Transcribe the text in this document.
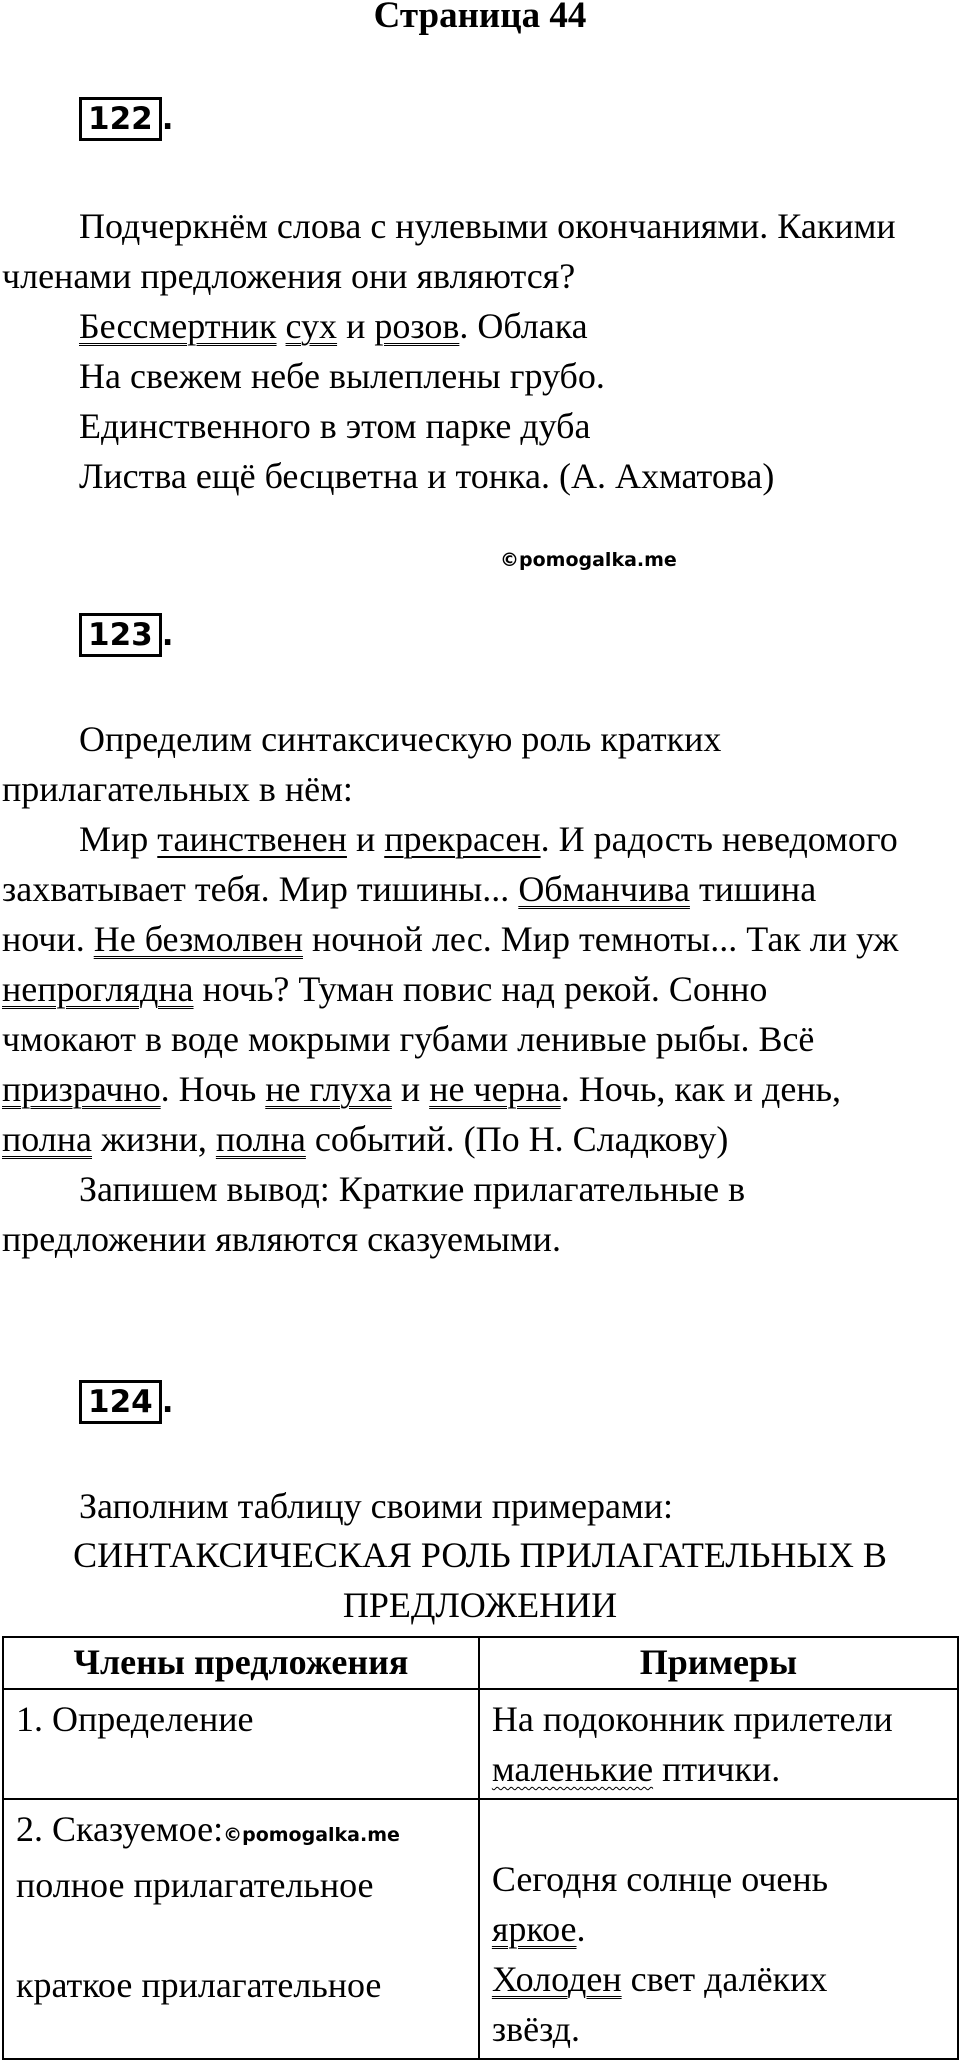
Страница 44
122 .
Подчеркнём слова с нулевыми окончаниями. Какими
членами предложения они являются?
Бессмертник сух и розов. Облака
На свежем небе вылеплены грубо.
Единственного в этом парке дуба
Листва ещё бесцветна и тонка. (А. Ахматова)
©pomogalka.me
123 .
Определим синтаксическую роль кратких
прилагательных в нём:
Мир таинственен и прекрасен. И радость неведомого
захватывает тебя. Мир тишины... Обманчива тишина
ночи. Не безмолвен ночной лес. Мир темноты... Так ли уж
непроглядна ночь? Туман повис над рекой. Сонно
чмокают в воде мокрыми губами ленивые рыбы. Всё
призрачно. Ночь не глуха и не черна. Ночь, как и день,
полна жизни, полна событий. (По Н. Сладкову)
Запишем вывод: Краткие прилагательные в
предложении являются сказуемыми.
124 .
Заполним таблицу своими примерами:
СИНТАКСИЧЕСКАЯ РОЛЬ ПРИЛАГАТЕЛЬНЫХ В
ПРЕДЛОЖЕНИИ
Члены предложения	Примеры

1. Определение	На подоконник прилетели
маленькие птички.

2. Сказуемое:©pomogalka.me
полное прилагательное
краткое прилагательное	Сегодня солнце очень
яркое.
Холоден свет далёких
звёзд.
